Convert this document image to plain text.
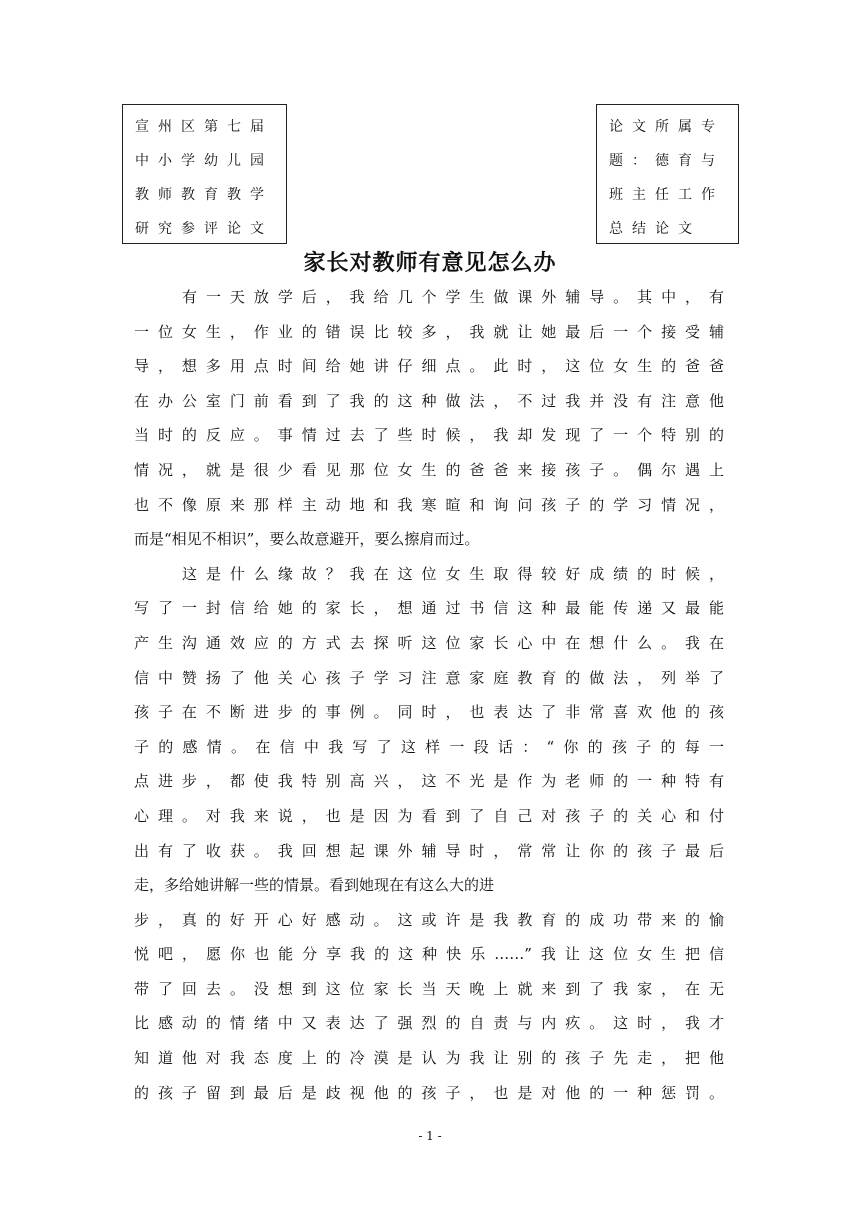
宣州区第七届
中小学幼儿园
教师教育教学
研究参评论文
论文所属专
题：德育与
班主任工作
总结论文
家长对教师有意见怎么办
有一天放学后，我给几个学生做课外辅导。其中，有
一位女生，作业的错误比较多，我就让她最后一个接受辅
导，想多用点时间给她讲仔细点。此时，这位女生的爸爸
在办公室门前看到了我的这种做法，不过我并没有注意他
当时的反应。事情过去了些时候，我却发现了一个特别的
情况，就是很少看见那位女生的爸爸来接孩子。偶尔遇上
也不像原来那样主动地和我寒暄和询问孩子的学习情况，
而是“相见不相识”，要么故意避开，要么擦肩而过。
这是什么缘故？我在这位女生取得较好成绩的时候，
写了一封信给她的家长，想通过书信这种最能传递又最能
产生沟通效应的方式去探听这位家长心中在想什么。我在
信中赞扬了他关心孩子学习注意家庭教育的做法，列举了
孩子在不断进步的事例。同时，也表达了非常喜欢他的孩
子的感情。在信中我写了这样一段话：“你的孩子的每一
点进步，都使我特别高兴，这不光是作为老师的一种特有
心理。对我来说，也是因为看到了自己对孩子的关心和付
出有了收获。我回想起课外辅导时，常常让你的孩子最后
走，多给她讲解一些的情景。看到她现在有这么大的进
步，真的好开心好感动。这或许是我教育的成功带来的愉
悦吧，愿你也能分享我的这种快乐……”我让这位女生把信
带了回去。没想到这位家长当天晚上就来到了我家，在无
比感动的情绪中又表达了强烈的自责与内疚。这时，我才
知道他对我态度上的冷漠是认为我让别的孩子先走，把他
的孩子留到最后是歧视他的孩子，也是对他的一种惩罚。
- 1 -
